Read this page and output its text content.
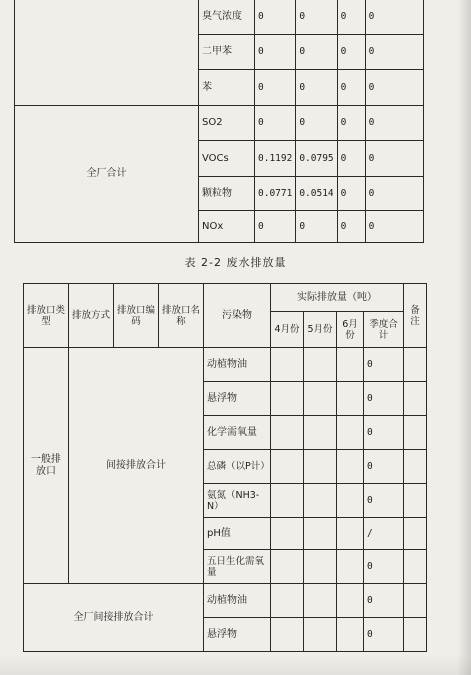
	臭气浓度	0	0	0	0
	二甲苯	0	0	0	0
	苯	0	0	0	0
全厂合计	SO2	0	0	0	0
	VOCs	0.1192	0.0795	0	0
	颗粒物	0.0771	0.0514	0	0
	NOx	0	0	0	0
表 2-2 废水排放量
排放口类型	排放方式	排放口编码	排放口名称	污染物	实际排放量（吨）				备注
					4月份	5月份	6月份	季度合计	
一般排放口	间接排放合计			动植物油				0	
				悬浮物				0	
				化学需氧量				0	
				总磷（以P计）				0	
				氨氮（NH3-N）				0	
				pH值				/	
				五日生化需氧量				0	
全厂间接排放合计				动植物油				0	
				悬浮物				0	
